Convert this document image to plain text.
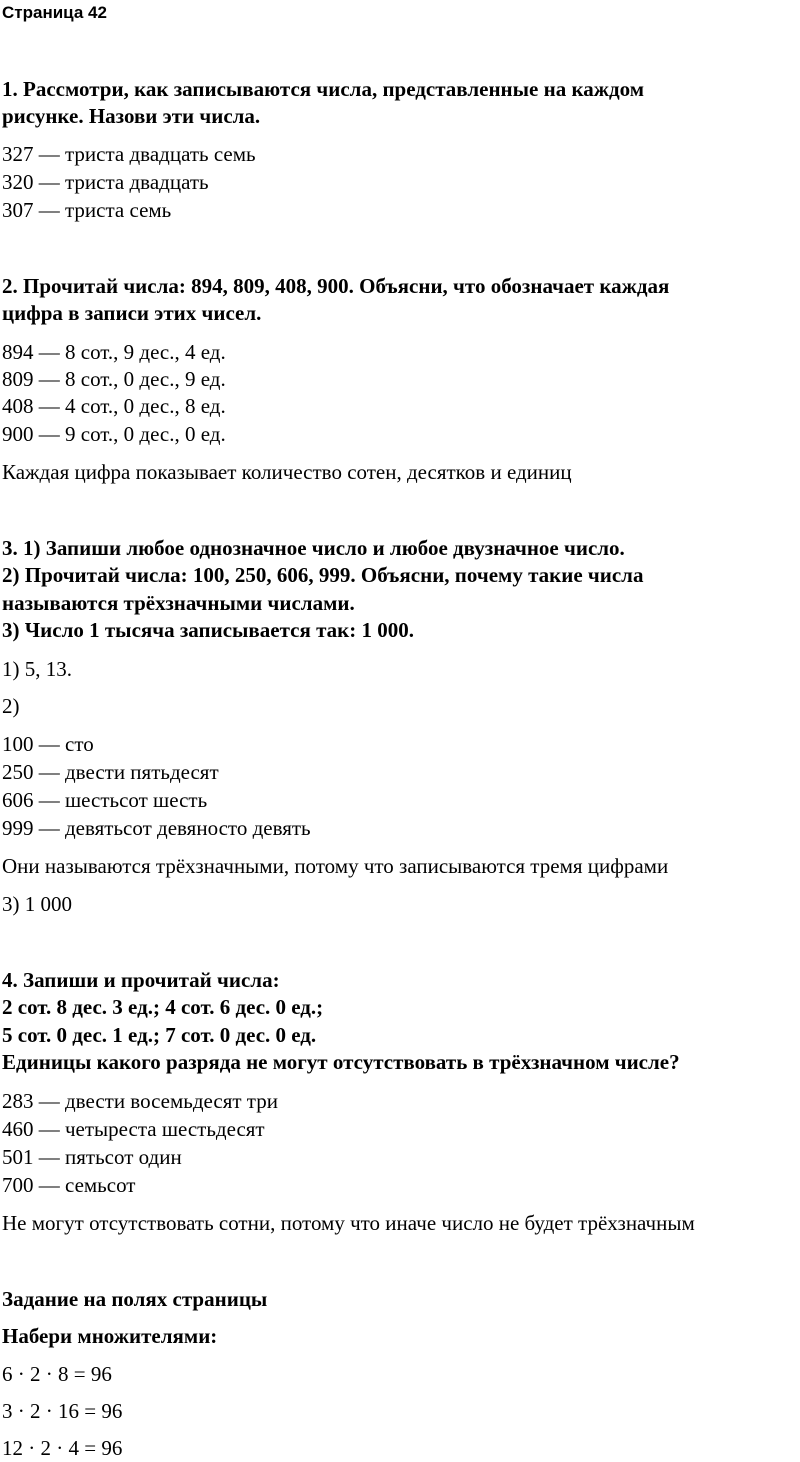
Страница 42
1. Рассмотри, как записываются числа, представленные на каждом
рисунке. Назови эти числа.
327 — триста двадцать семь
320 — триста двадцать
307 — триста семь
2. Прочитай числа: 894, 809, 408, 900. Объясни, что обозначает каждая
цифра в записи этих чисел.
894 — 8 сот., 9 дес., 4 ед.
809 — 8 сот., 0 дес., 9 ед.
408 — 4 сот., 0 дес., 8 ед.
900 — 9 сот., 0 дес., 0 ед.
Каждая цифра показывает количество сотен, десятков и единиц
3. 1) Запиши любое однозначное число и любое двузначное число.
2) Прочитай числа: 100, 250, 606, 999. Объясни, почему такие числа
называются трёхзначными числами.
3) Число 1 тысяча записывается так: 1 000.
1) 5, 13.
2)
100 — сто
250 — двести пятьдесят
606 — шестьсот шесть
999 — девятьсот девяносто девять
Они называются трёхзначными, потому что записываются тремя цифрами
3) 1 000
4. Запиши и прочитай числа:
2 сот. 8 дес. 3 ед.; 4 сот. 6 дес. 0 ед.;
5 сот. 0 дес. 1 ед.; 7 сот. 0 дес. 0 ед.
Единицы какого разряда не могут отсутствовать в трёхзначном числе?
283 — двести восемьдесят три
460 — четыреста шестьдесят
501 — пятьсот один
700 — семьсот
Не могут отсутствовать сотни, потому что иначе число не будет трёхзначным
Задание на полях страницы
Набери множителями:
6 · 2 · 8 = 96
3 · 2 · 16 = 96
12 · 2 · 4 = 96
